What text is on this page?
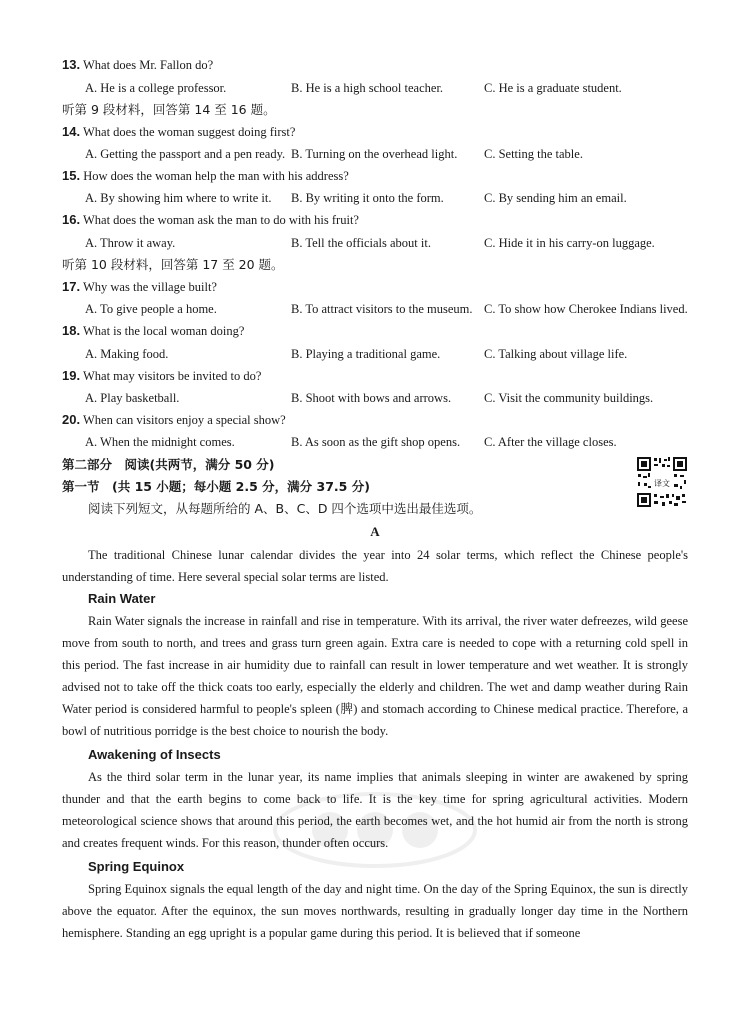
13. What does Mr. Fallon do?
A. He is a college professor.	B. He is a high school teacher.	C. He is a graduate student.
听第 9 段材料，回答第 14 至 16 题。
14. What does the woman suggest doing first?
A. Getting the passport and a pen ready. B. Turning on the overhead light. C. Setting the table.
15. How does the woman help the man with his address?
A. By showing him where to write it. B. By writing it onto the form.	C. By sending him an email.
16. What does the woman ask the man to do with his fruit?
A. Throw it away.	B. Tell the officials about it.	C. Hide it in his carry-on luggage.
听第 10 段材料，回答第 17 至 20 题。
17. Why was the village built?
A. To give people a home.	B. To attract visitors to the museum. C. To show how Cherokee Indians lived.
18. What is the local woman doing?
A. Making food.	B. Playing a traditional game.	C. Talking about village life.
19. What may visitors be invited to do?
A. Play basketball.	B. Shoot with bows and arrows.	C. Visit the community buildings.
20. When can visitors enjoy a special show?
A. When the midnight comes.	B. As soon as the gift shop opens. C. After the village closes.
第二部分　阅读(共两节，满分 50 分)
第一节　(共 15 小题；每小题 2.5 分，满分 37.5 分)
阅读下列短文，从每题所给的 A、B、C、D 四个选项中选出最佳选项。
译文
A
The traditional Chinese lunar calendar divides the year into 24 solar terms, which reflect the Chinese people's understanding of time. Here several special solar terms are listed.
Rain Water
Rain Water signals the increase in rainfall and rise in temperature. With its arrival, the river water defreezes, wild geese move from south to north, and trees and grass turn green again. Extra care is needed to cope with a returning cold spell in this period. The fast increase in air humidity due to rainfall can result in lower temperature and wet weather. It is strongly advised not to take off the thick coats too early, especially the elderly and children. The wet and damp weather during Rain Water period is considered harmful to people's spleen (脾) and stomach according to Chinese medical practice. Therefore, a bowl of nutritious porridge is the best choice to nourish the body.
Awakening of Insects
As the third solar term in the lunar year, its name implies that animals sleeping in winter are awakened by spring thunder and that the earth begins to come back to life. It is the key time for spring agricultural activities. Modern meteorological science shows that around this period, the earth becomes wet, and the hot humid air from the north is strong and creates frequent winds. For this reason, thunder often occurs.
Spring Equinox
Spring Equinox signals the equal length of the day and night time. On the day of the Spring Equinox, the sun is directly above the equator. After the equinox, the sun moves northwards, resulting in gradually longer day time in the Northern hemisphere. Standing an egg upright is a popular game during this period. It is believed that if someone
